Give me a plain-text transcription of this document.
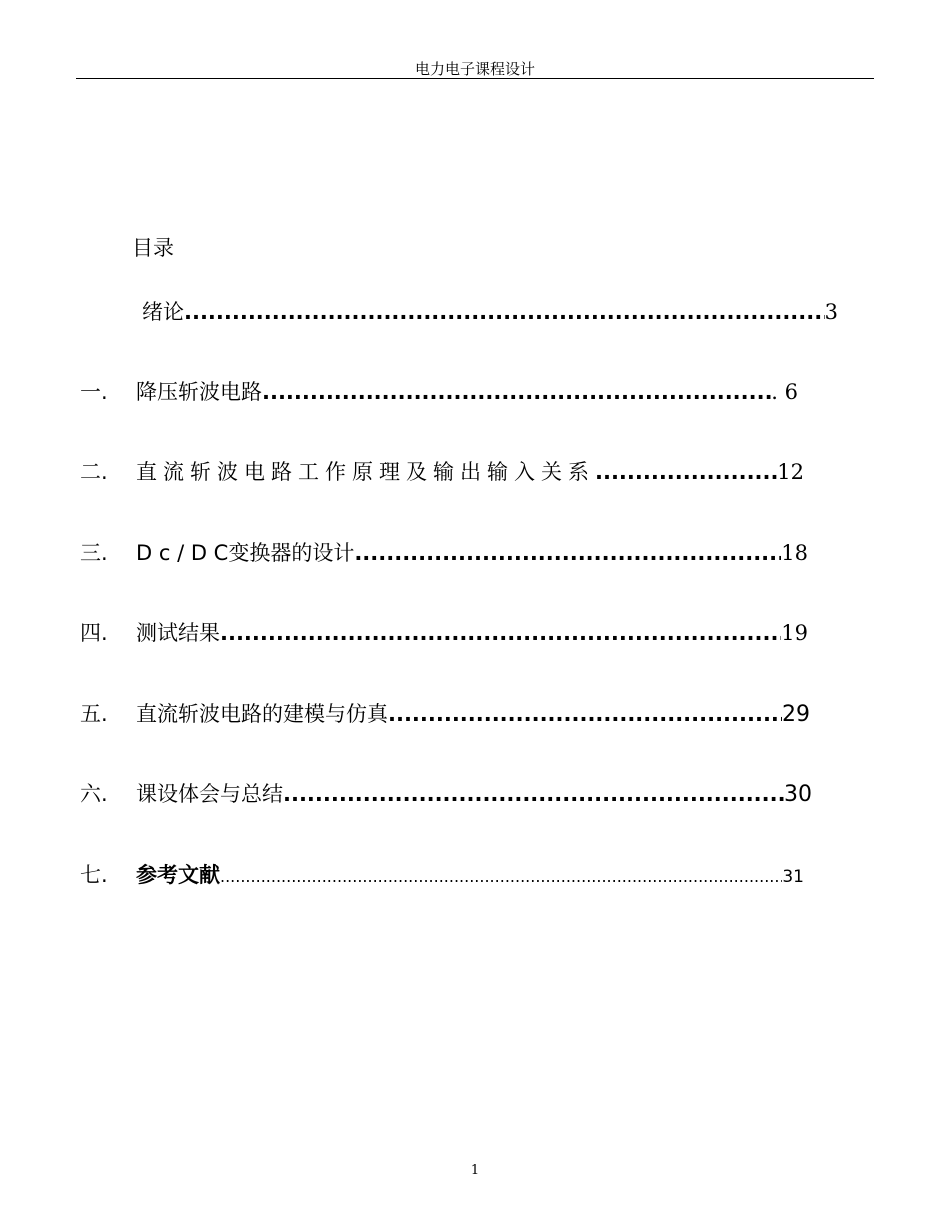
电力电子课程设计
目录
绪论 .....	3
一.	降压斩波电路 .....	. 6
二.	直流斩波电路工作原理及输出输入关系 .....	12
三.	D c / D C变换器的设计 .....	18
四.	测试结果 .....	19
五.	直流斩波电路的建模与仿真 .....	29
六.	课设体会与总结 .....	30
七.	参考文献 .....	31
1
